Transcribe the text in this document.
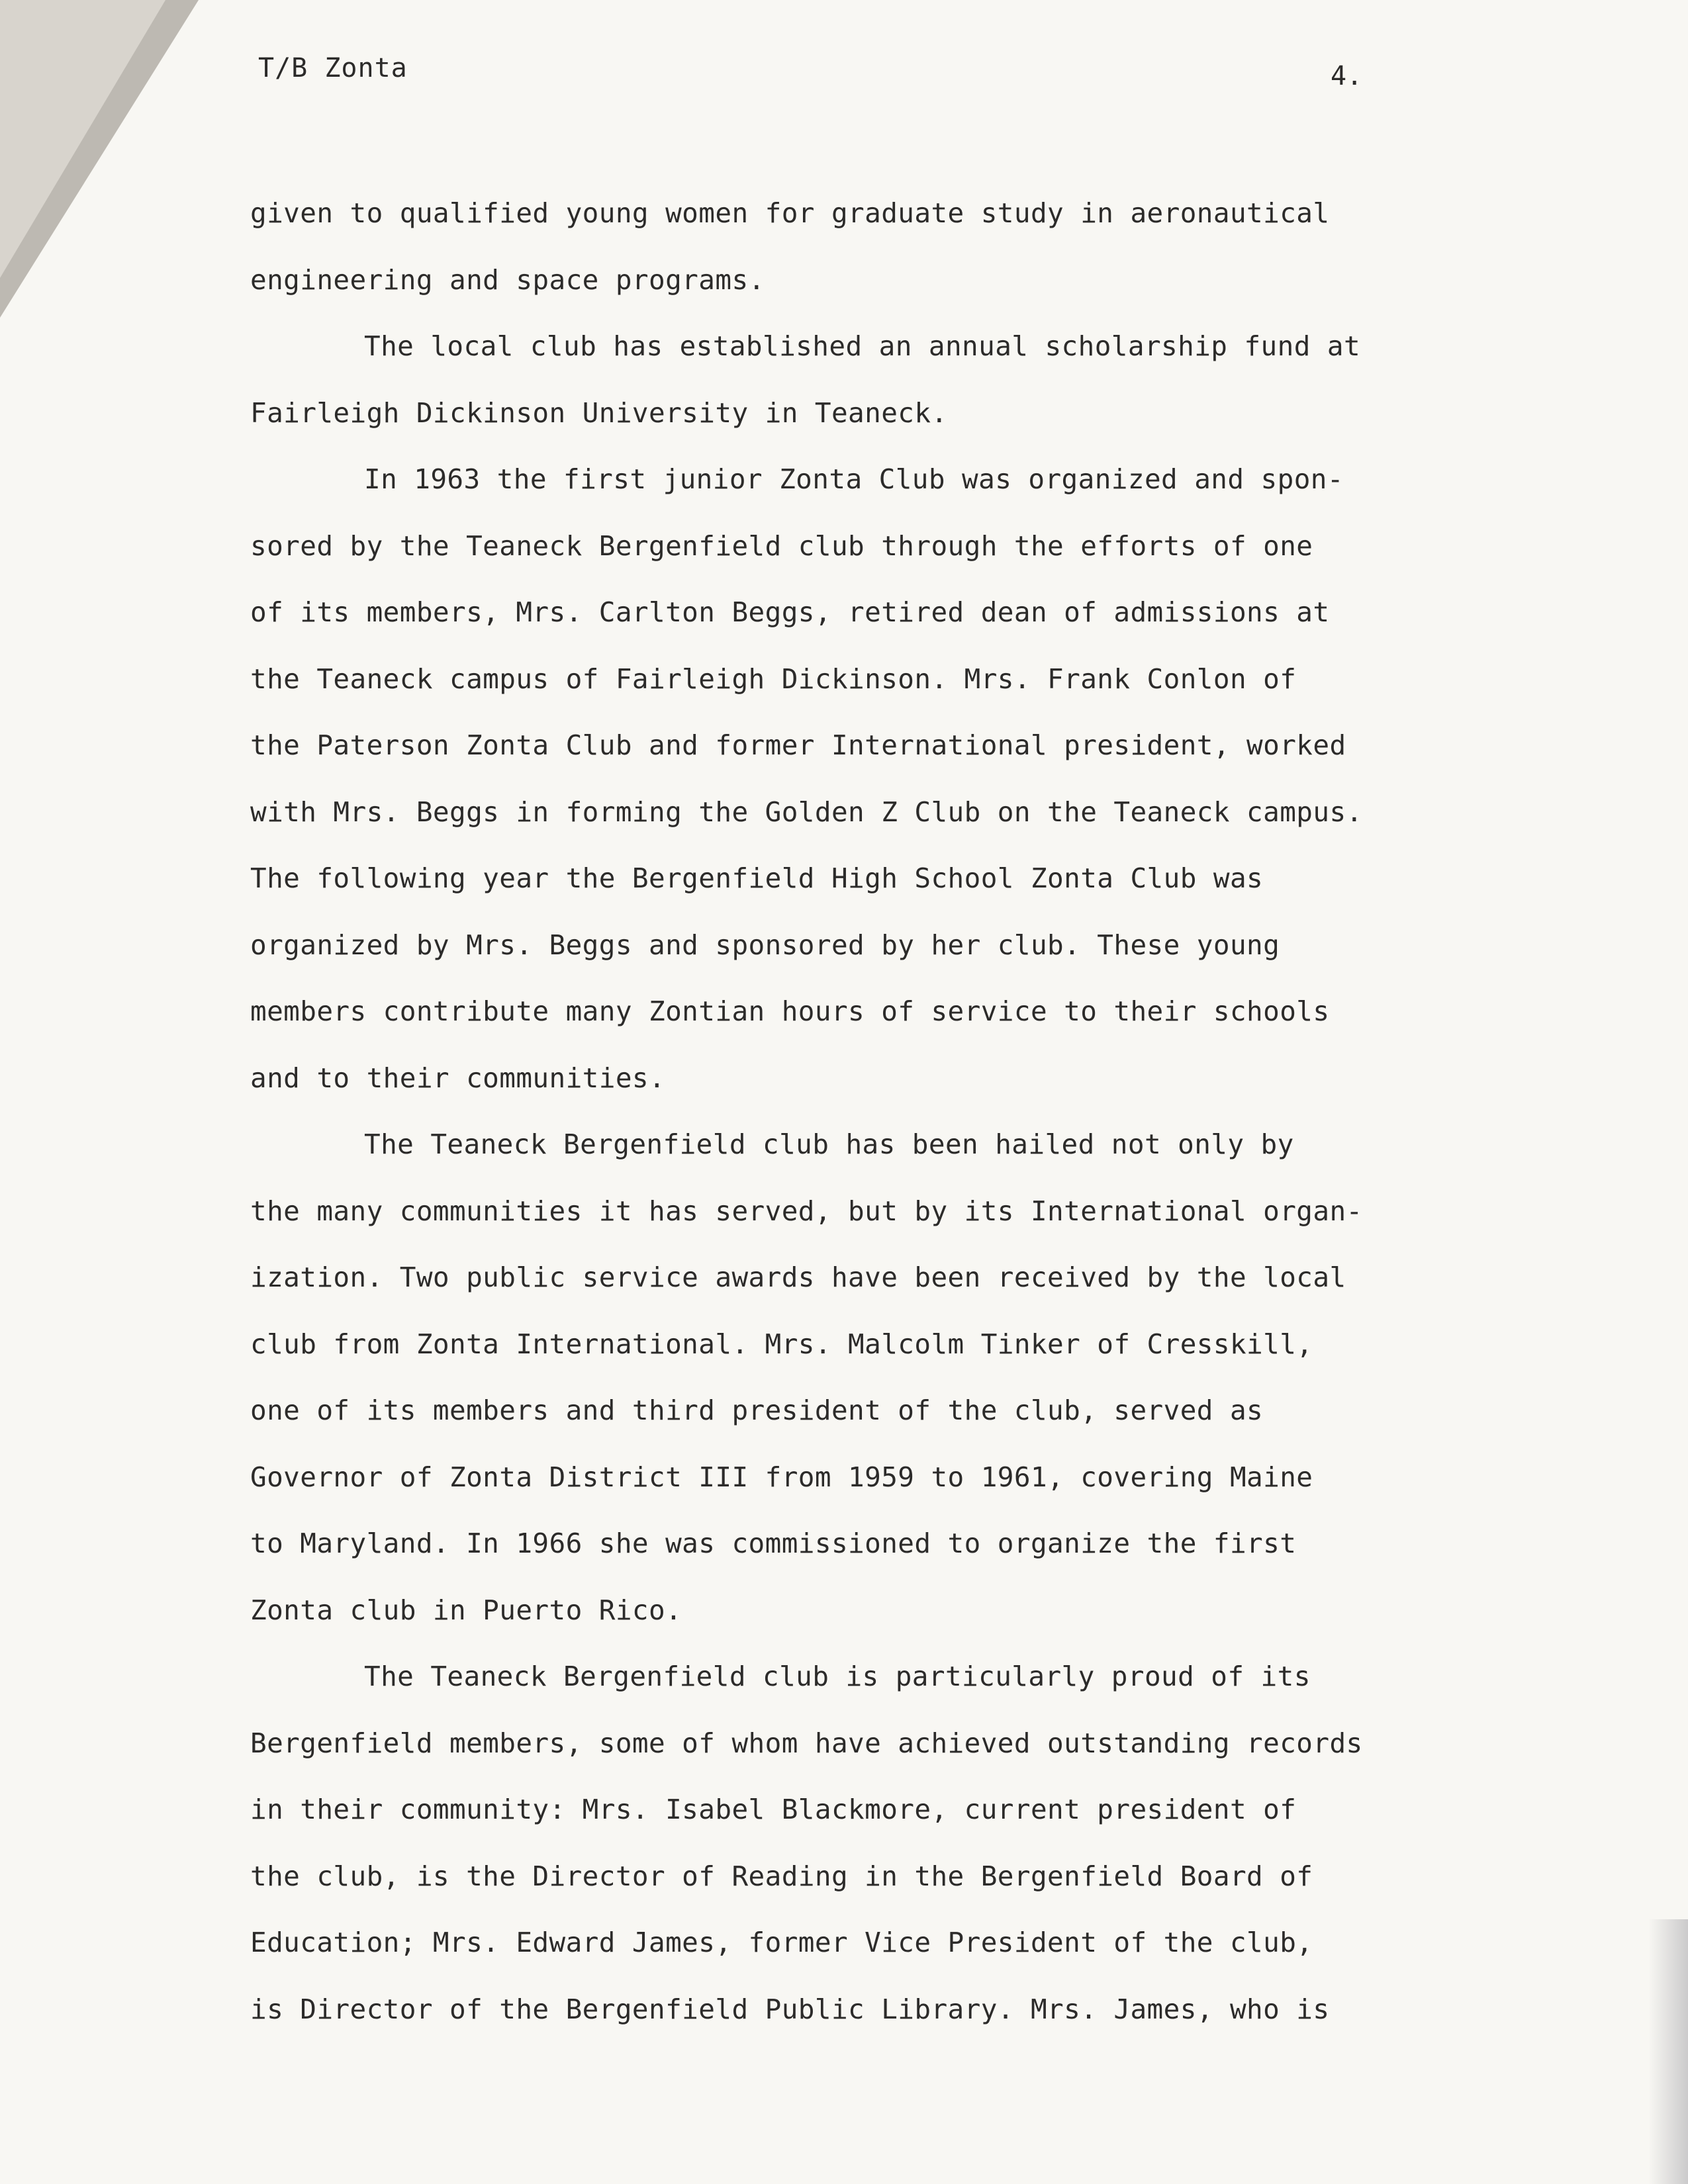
T/B Zonta	4.
given to qualified young women for graduate study in aeronautical
engineering and space programs.
The local club has established an annual scholarship fund at
Fairleigh Dickinson University in Teaneck.
In 1963 the first junior Zonta Club was organized and spon-
sored by the Teaneck Bergenfield club through the efforts of one
of its members, Mrs. Carlton Beggs, retired dean of admissions at
the Teaneck campus of Fairleigh Dickinson. Mrs. Frank Conlon of
the Paterson Zonta Club and former International president, worked
with Mrs. Beggs in forming the Golden Z Club on the Teaneck campus.
The following year the Bergenfield High School Zonta Club was
organized by Mrs. Beggs and sponsored by her club. These young
members contribute many Zontian hours of service to their schools
and to their communities.
The Teaneck Bergenfield club has been hailed not only by
the many communities it has served, but by its International organ-
ization. Two public service awards have been received by the local
club from Zonta International. Mrs. Malcolm Tinker of Cresskill,
one of its members and third president of the club, served as
Governor of Zonta District III from 1959 to 1961, covering Maine
to Maryland. In 1966 she was commissioned to organize the first
Zonta club in Puerto Rico.
The Teaneck Bergenfield club is particularly proud of its
Bergenfield members, some of whom have achieved outstanding records
in their community: Mrs. Isabel Blackmore, current president of
the club, is the Director of Reading in the Bergenfield Board of
Education; Mrs. Edward James, former Vice President of the club,
is Director of the Bergenfield Public Library. Mrs. James, who is
